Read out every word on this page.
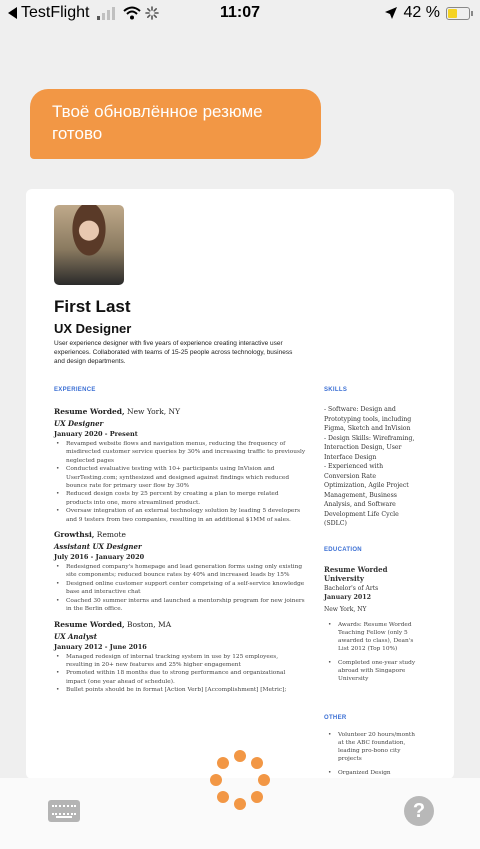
TestFlight	11:07	42 %
Твоё обновлённое резюме готово
First Last
UX Designer
User experience designer with five years of experience creating interactive user experiences. Collaborated with teams of 15-25 people across technology, business and design departments.
EXPERIENCE
Resume Worded, New York, NY
UX Designer
January 2020 - Present
• Revamped website flows and navigation menus, reducing the frequency of misdirected customer service queries by 30% and increasing traffic to previously neglected pages
• Conducted evaluative testing with 10+ participants using InVision and UserTesting.com; synthesized and designed against findings which reduced bounce rate for primary user flow by 30%
• Reduced design costs by 25 percent by creating a plan to merge related products into one, more streamlined product.
• Oversaw integration of an external technology solution by leading 5 developers and 9 testers from two companies, resulting in an additional $1MM of sales.
Growthsi, Remote
Assistant UX Designer
July 2016 - January 2020
• Redesigned company's homepage and lead generation forms using only existing site components; reduced bounce rates by 40% and increased leads by 15%
• Designed online customer support center comprising of a self-service knowledge base and interactive chat
• Coached 30 summer interns and launched a mentorship program for new joiners in the Berlin office.
Resume Worded, Boston, MA
UX Analyst
January 2012 - June 2016
• Managed redesign of internal tracking system in use by 125 employees, resulting in 20+ new features and 25% higher engagement
• Promoted within 18 months due to strong performance and organizational impact (one year ahead of schedule).
• Bullet points should be in format [Action Verb] [Accomplishment] [Metric];
SKILLS
- Software: Design and Prototyping tools, including Figma, Sketch and InVision
- Design Skills: Wireframing, Interaction Design, User Interface Design
- Experienced with Conversion Rate Optimization, Agile Project Management, Business Analysis, and Software Development Life Cycle (SDLC)
EDUCATION
Resume Worded University
Bachelor's of Arts
January 2012
New York, NY
• Awards: Resume Worded Teaching Fellow (only 5 awarded to class), Dean's List 2012 (Top 10%)
• Completed one-year study abroad with Singapore University
OTHER
• Volunteer 20 hours/month at the ABC foundation, leading pro-bono city projects
• Organized Design
?
